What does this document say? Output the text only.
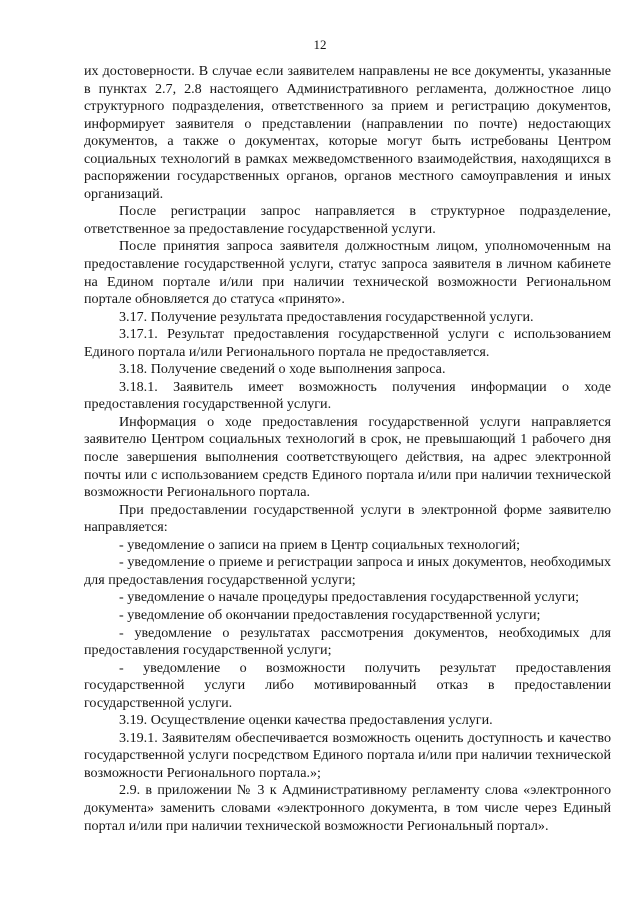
12

их достоверности. В случае если заявителем направлены не все документы, указанные в пунктах 2.7, 2.8 настоящего Административного регламента, должностное лицо структурного подразделения, ответственного за прием и регистрацию документов, информирует заявителя о представлении (направлении по почте) недостающих документов, а также о документах, которые могут быть истребованы Центром социальных технологий в рамках межведомственного взаимодействия, находящихся в распоряжении государственных органов, органов местного самоуправления и иных организаций.

После регистрации запрос направляется в структурное подразделение, ответственное за предоставление государственной услуги.

После принятия запроса заявителя должностным лицом, уполномоченным на предоставление государственной услуги, статус запроса заявителя в личном кабинете на Едином портале и/или при наличии технической возможности Региональном портале обновляется до статуса «принято».

3.17. Получение результата предоставления государственной услуги.

3.17.1. Результат предоставления государственной услуги с использованием Единого портала и/или Регионального портала не предоставляется.

3.18. Получение сведений о ходе выполнения запроса.

3.18.1. Заявитель имеет возможность получения информации о ходе предоставления государственной услуги.

Информация о ходе предоставления государственной услуги направляется заявителю Центром социальных технологий в срок, не превышающий 1 рабочего дня после завершения выполнения соответствующего действия, на адрес электронной почты или с использованием средств Единого портала и/или при наличии технической возможности Регионального портала.

При предоставлении государственной услуги в электронной форме заявителю направляется:

- уведомление о записи на прием в Центр социальных технологий;

- уведомление о приеме и регистрации запроса и иных документов, необходимых для предоставления государственной услуги;

- уведомление о начале процедуры предоставления государственной услуги;

- уведомление об окончании предоставления государственной услуги;

- уведомление о результатах рассмотрения документов, необходимых для предоставления государственной услуги;

- уведомление о возможности получить результат предоставления государственной услуги либо мотивированный отказ в предоставлении государственной услуги.

3.19. Осуществление оценки качества предоставления услуги.

3.19.1. Заявителям обеспечивается возможность оценить доступность и качество государственной услуги посредством Единого портала и/или при наличии технической возможности Регионального портала.»;

2.9. в приложении № 3 к Административному регламенту слова «электронного документа» заменить словами «электронного документа, в том числе через Единый портал и/или при наличии технической возможности Региональный портал».
